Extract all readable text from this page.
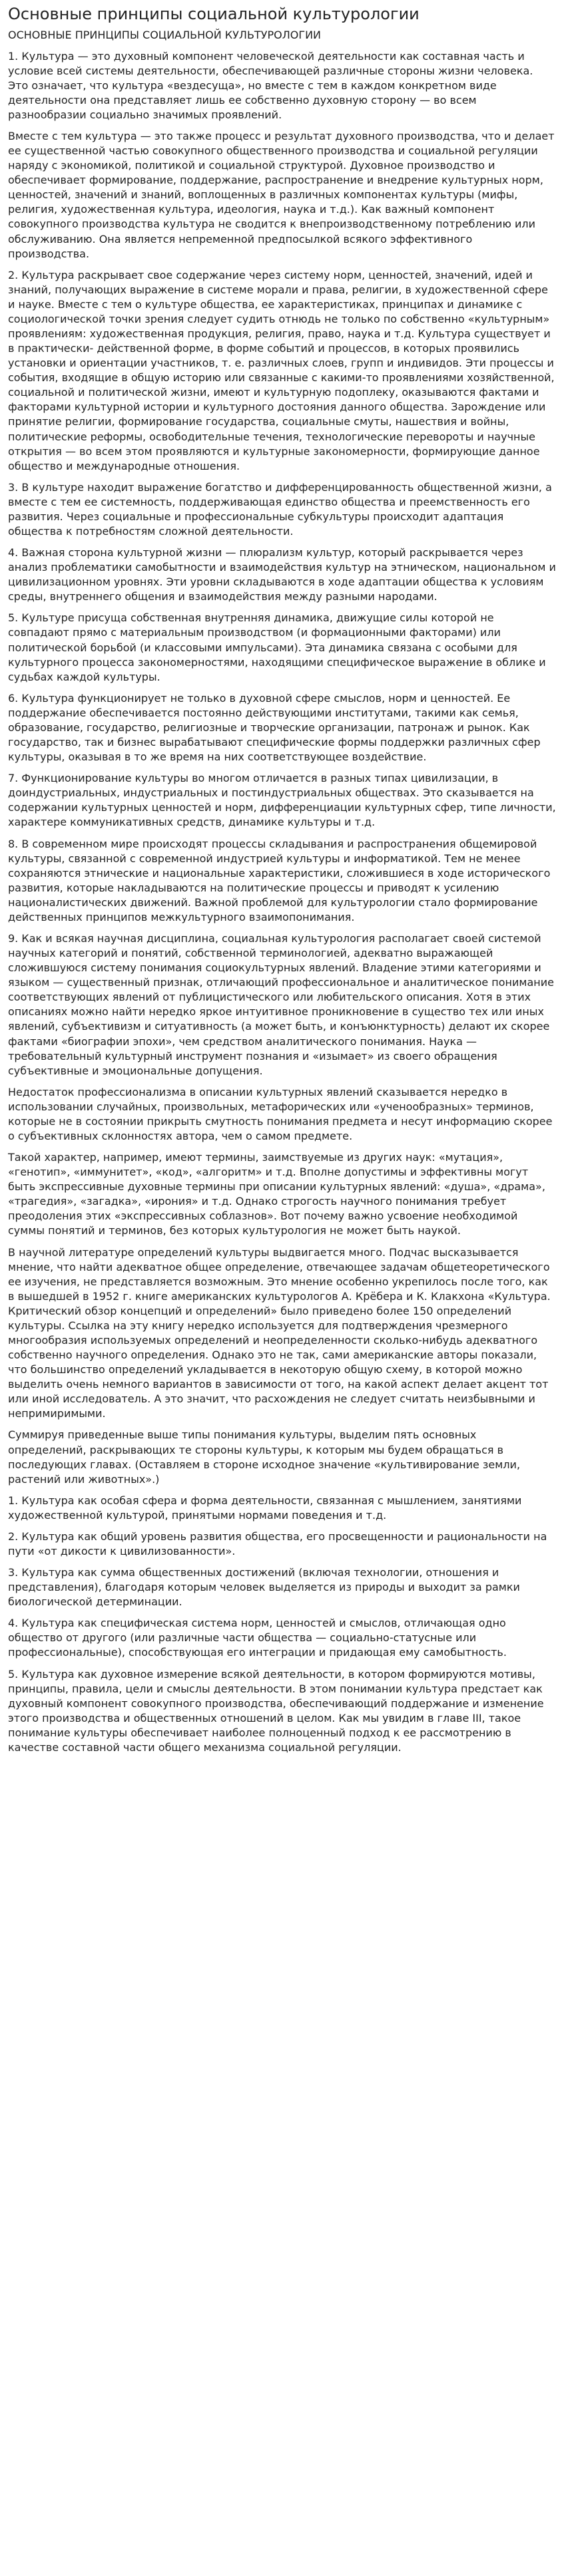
Основные принципы социальной культурологии
ОСНОВНЫЕ ПРИНЦИПЫ СОЦИАЛЬНОЙ КУЛЬТУРОЛОГИИ

1. Культура — это духовный компонент человеческой деятельности как составная часть и условие всей системы деятельности, обеспечивающей различные стороны жизни человека. Это означает, что культура «вездесуща», но вместе с тем в каждом конкретном виде деятельности она представляет лишь ее собственно духовную сторону — во всем разнообразии социально значимых проявлений.

Вместе с тем культура — это также процесс и результат духовного производства, что и делает ее существенной частью совокупного общественного производства и социальной регуляции наряду с экономикой, политикой и социальной структурой. Духовное производство и обеспечивает формирование, поддержание, распространение и внедрение культурных норм, ценностей, значений и знаний, воплощенных в различных компонентах культуры (мифы, религия, художественная культура, идеология, наука и т.д.). Как важный компонент совокупного производства культура не сводится к внепроизводственному потреблению или обслуживанию. Она является непременной предпосылкой всякого эффективного производства.

2. Культура раскрывает свое содержание через систему норм, ценностей, значений, идей и знаний, получающих выражение в системе морали и права, религии, в художественной сфере и науке. Вместе с тем о культуре общества, ее характеристиках, принципах и динамике с социологической точки зрения следует судить отнюдь не только по собственно «культурным» проявлениям: художественная продукция, религия, право, наука и т.д. Культура существует и в практически- действенной форме, в форме событий и процессов, в которых проявились установки и ориентации участников, т. е. различных слоев, групп и индивидов. Эти процессы и события, входящие в общую историю или связанные с какими-то проявлениями хозяйственной, социальной и политической жизни, имеют и культурную подоплеку, оказываются фактами и факторами культурной истории и культурного достояния данного общества. Зарождение или принятие религии, формирование государства, социальные смуты, нашествия и войны, политические реформы, освободительные течения, технологические перевороты и научные открытия — во всем этом проявляются и культурные закономерности, формирующие данное общество и международные отношения.

3. В культуре находит выражение богатство и дифференцированность общественной жизни, а вместе с тем ее системность, поддерживающая единство общества и преемственность его развития. Через социальные и профессиональные субкультуры происходит адаптация общества к потребностям сложной деятельности.

4. Важная сторона культурной жизни — плюрализм культур, который раскрывается через анализ проблематики самобытности и взаимодействия культур на этническом, национальном и цивилизационном уровнях. Эти уровни складываются в ходе адаптации общества к условиям среды, внутреннего общения и взаимодействия между разными народами.

5. Культуре присуща собственная внутренняя динамика, движущие силы которой не совпадают прямо с материальным производством (и формационными факторами) или политической борьбой (и классовыми импульсами). Эта динамика связана с особыми для культурного процесса закономерностями, находящими специфическое выражение в облике и судьбах каждой культуры.

6. Культура функционирует не только в духовной сфере смыслов, норм и ценностей. Ее поддержание обеспечивается постоянно действующими институтами, такими как семья, образование, государство, религиозные и творческие организации, патронаж и рынок. Как государство, так и бизнес вырабатывают специфические формы поддержки различных сфер культуры, оказывая в то же время на них соответствующее воздействие.

7. Функционирование культуры во многом отличается в разных типах цивилизации, в доиндустриальных, индустриальных и постиндустриальных обществах. Это сказывается на содержании культурных ценностей и норм, дифференциации культурных сфер, типе личности, характере коммуникативных средств, динамике культуры и т.д.

8. В современном мире происходят процессы складывания и распространения общемировой культуры, связанной с современной индустрией культуры и информатикой. Тем не менее сохраняются этнические и национальные характеристики, сложившиеся в ходе исторического развития, которые накладываются на политические процессы и приводят к усилению националистических движений. Важной проблемой для культурологии стало формирование действенных принципов межкультурного взаимопонимания.

9. Как и всякая научная дисциплина, социальная культурология располагает своей системой научных категорий и понятий, собственной терминологией, адекватно выражающей сложившуюся систему понимания социокультурных явлений. Владение этими категориями и языком — существенный признак, отличающий профессиональное и аналитическое понимание соответствующих явлений от публицистического или любительского описания. Хотя в этих описаниях можно найти нередко яркое интуитивное проникновение в существо тех или иных явлений, субъективизм и ситуативность (а может быть, и конъюнктурность) делают их скорее фактами «биографии эпохи», чем средством аналитического понимания. Наука — требовательный культурный инструмент познания и «изымает» из своего обращения субъективные и эмоциональные допущения.

Недостаток профессионализма в описании культурных явлений сказывается нередко в использовании случайных, произвольных, метафорических или «ученообразных» терминов, которые не в состоянии прикрыть смутность понимания предмета и несут информацию скорее о субъективных склонностях автора, чем о самом предмете.

Такой характер, например, имеют термины, заимствуемые из других наук: «мутация», «генотип», «иммунитет», «код», «алгоритм» и т.д. Вполне допустимы и эффективны могут быть экспрессивные духовные термины при описании культурных явлений: «душа», «драма», «трагедия», «загадка», «ирония» и т.д. Однако строгость научного понимания требует преодоления этих «экспрессивных соблазнов». Вот почему важно усвоение необходимой суммы понятий и терминов, без которых культурология не может быть наукой.

В научной литературе определений культуры выдвигается много. Подчас высказывается мнение, что найти адекватное общее определение, отвечающее задачам общетеоретического ее изучения, не представляется возможным. Это мнение особенно укрепилось после того, как в вышедшей в 1952 г. книге американских культурологов А. Крёбера и К. Клакхона «Культура. Критический обзор концепций и определений» было приведено более 150 определений культуры. Ссылка на эту книгу нередко используется для подтверждения чрезмерного многообразия используемых определений и неопределенности сколько-нибудь адекватного собственно научного определения. Однако это не так, сами американские авторы показали, что большинство определений укладывается в некоторую общую схему, в которой можно выделить очень немного вариантов в зависимости от того, на какой аспект делает акцент тот или иной исследователь. А это значит, что расхождения не следует считать неизбывными и непримиримыми.

Суммируя приведенные выше типы понимания культуры, выделим пять основных определений, раскрывающих те стороны культуры, к которым мы будем обращаться в последующих главах. (Оставляем в стороне исходное значение «культивирование земли, растений или животных».)

1. Культура как особая сфера и форма деятельности, связанная с мышлением, занятиями художественной культурой, принятыми нормами поведения и т.д.

2. Культура как общий уровень развития общества, его просвещенности и рациональности на пути «от дикости к цивилизованности».

3. Культура как сумма общественных достижений (включая технологии, отношения и представления), благодаря которым человек выделяется из природы и выходит за рамки биологической детерминации.

4. Культура как специфическая система норм, ценностей и смыслов, отличающая одно общество от другого (или различные части общества — социально-статусные или профессиональные), способствующая его интеграции и придающая ему самобытность.

5. Культура как духовное измерение всякой деятельности, в котором формируются мотивы, принципы, правила, цели и смыслы деятельности. В этом понимании культура предстает как духовный компонент совокупного производства, обеспечивающий поддержание и изменение этого производства и общественных отношений в целом. Как мы увидим в главе III, такое понимание культуры обеспечивает наиболее полноценный подход к ее рассмотрению в качестве составной части общего механизма социальной регуляции.
